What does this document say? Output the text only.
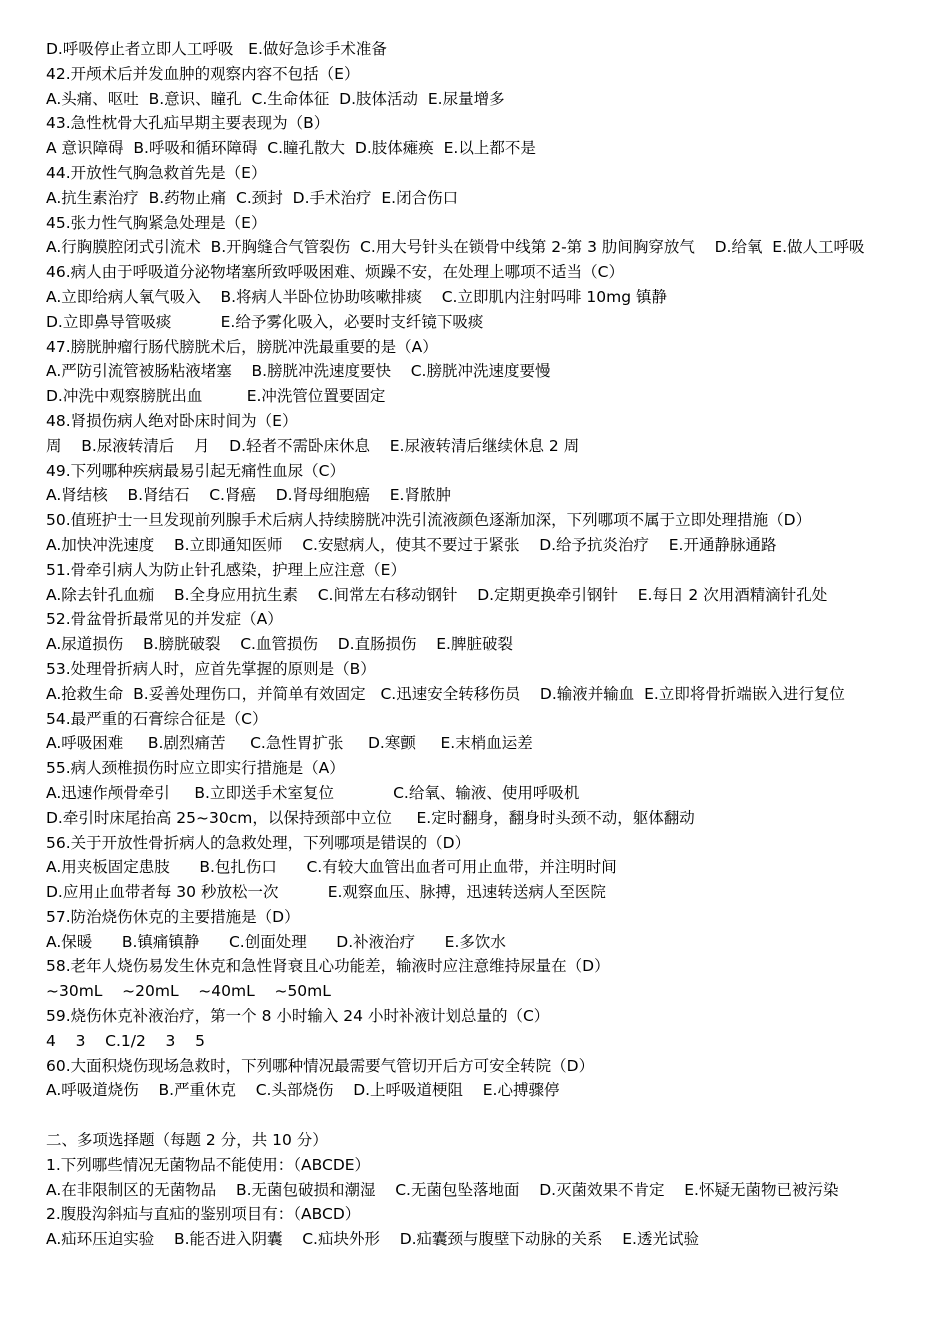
D.呼吸停止者立即人工呼吸   E.做好急诊手术准备
42.开颅术后并发血肿的观察内容不包括（E）
A.头痛、呕吐  B.意识、瞳孔  C.生命体征  D.肢体活动  E.尿量增多
43.急性枕骨大孔疝早期主要表现为（B）
A 意识障碍  B.呼吸和循环障碍  C.瞳孔散大  D.肢体瘫痪  E.以上都不是
44.开放性气胸急救首先是（E）
A.抗生素治疗  B.药物止痛  C.颈封  D.手术治疗  E.闭合伤口
45.张力性气胸紧急处理是（E）
A.行胸膜腔闭式引流术  B.开胸缝合气管裂伤  C.用大号针头在锁骨中线第 2-第 3 肋间胸穿放气    D.给氧  E.做人工呼吸
46.病人由于呼吸道分泌物堵塞所致呼吸困难、烦躁不安，在处理上哪项不适当（C）
A.立即给病人氧气吸入    B.将病人半卧位协助咳嗽排痰    C.立即肌内注射吗啡 10mg 镇静
D.立即鼻导管吸痰          E.给予雾化吸入，必要时支纤镜下吸痰
47.膀胱肿瘤行肠代膀胱术后，膀胱冲洗最重要的是（A）
A.严防引流管被肠粘液堵塞    B.膀胱冲洗速度要快    C.膀胱冲洗速度要慢
D.冲洗中观察膀胱出血         E.冲洗管位置要固定
48.肾损伤病人绝对卧床时间为（E）
周    B.尿液转清后    月    D.轻者不需卧床休息    E.尿液转清后继续休息 2 周
49.下列哪种疾病最易引起无痛性血尿（C）
A.肾结核    B.肾结石    C.肾癌    D.肾母细胞癌    E.肾脓肿
50.值班护士一旦发现前列腺手术后病人持续膀胱冲洗引流液颜色逐渐加深，下列哪项不属于立即处理措施（D）
A.加快冲洗速度    B.立即通知医师    C.安慰病人，使其不要过于紧张    D.给予抗炎治疗    E.开通静脉通路
51.骨牵引病人为防止针孔感染，护理上应注意（E）
A.除去针孔血痂    B.全身应用抗生素    C.间常左右移动钢针    D.定期更换牵引钢针    E.每日 2 次用酒精滴针孔处
52.骨盆骨折最常见的并发症（A）
A.尿道损伤    B.膀胱破裂    C.血管损伤    D.直肠损伤    E.脾脏破裂
53.处理骨折病人时，应首先掌握的原则是（B）
A.抢救生命  B.妥善处理伤口，并简单有效固定   C.迅速安全转移伤员    D.输液并输血  E.立即将骨折端嵌入进行复位
54.最严重的石膏综合征是（C）
A.呼吸困难     B.剧烈痛苦     C.急性胃扩张     D.寒颤     E.末梢血运差
55.病人颈椎损伤时应立即实行措施是（A）
A.迅速作颅骨牵引     B.立即送手术室复位            C.给氧、输液、使用呼吸机
D.牵引时床尾抬高 25~30cm，以保持颈部中立位     E.定时翻身，翻身时头颈不动，躯体翻动
56.关于开放性骨折病人的急救处理，下列哪项是错误的（D）
A.用夹板固定患肢      B.包扎伤口      C.有较大血管出血者可用止血带，并注明时间
D.应用止血带者每 30 秒放松一次          E.观察血压、脉搏，迅速转送病人至医院
57.防治烧伤休克的主要措施是（D）
A.保暖      B.镇痛镇静      C.创面处理      D.补液治疗      E.多饮水
58.老年人烧伤易发生休克和急性肾衰且心功能差，输液时应注意维持尿量在（D）
~30mL    ~20mL    ~40mL    ~50mL
59.烧伤休克补液治疗，第一个 8 小时输入 24 小时补液计划总量的（C）
4    3    C.1/2    3    5
60.大面积烧伤现场急救时，下列哪种情况最需要气管切开后方可安全转院（D）
A.呼吸道烧伤    B.严重休克    C.头部烧伤    D.上呼吸道梗阻    E.心搏骤停
二、多项选择题（每题 2 分，共 10 分）
1.下列哪些情况无菌物品不能使用：（ABCDE）
A.在非限制区的无菌物品    B.无菌包破损和潮湿    C.无菌包坠落地面    D.灭菌效果不肯定    E.怀疑无菌物已被污染
2.腹股沟斜疝与直疝的鉴别项目有：（ABCD）
A.疝环压迫实验    B.能否进入阴囊    C.疝块外形    D.疝囊颈与腹壁下动脉的关系    E.透光试验
